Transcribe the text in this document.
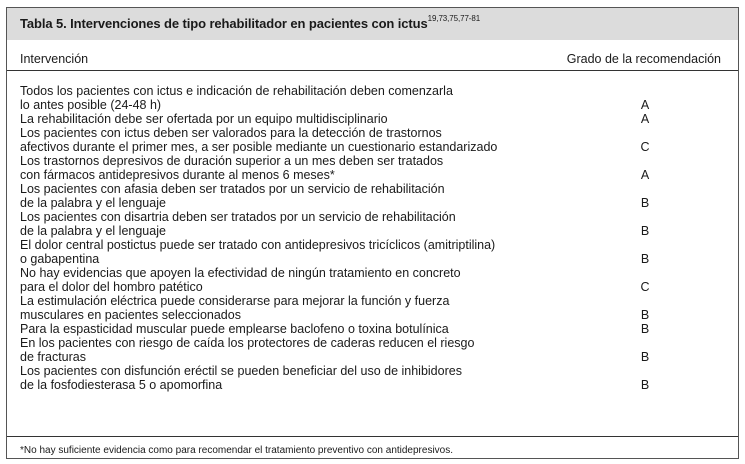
Tabla 5. Intervenciones de tipo rehabilitador en pacientes con ictus$^{19,73,75,77-81}$
Intervención	Grado de la recomendación
Todos los pacientes con ictus e indicación de rehabilitación deben comenzarla
lo antes posible (24-48 h)	A
La rehabilitación debe ser ofertada por un equipo multidisciplinario	A
Los pacientes con ictus deben ser valorados para la detección de trastornos
afectivos durante el primer mes, a ser posible mediante un cuestionario estandarizado	C
Los trastornos depresivos de duración superior a un mes deben ser tratados
con fármacos antidepresivos durante al menos 6 meses*	A
Los pacientes con afasia deben ser tratados por un servicio de rehabilitación
de la palabra y el lenguaje	B
Los pacientes con disartria deben ser tratados por un servicio de rehabilitación
de la palabra y el lenguaje	B
El dolor central postictus puede ser tratado con antidepresivos tricíclicos (amitriptilina)
o gabapentina	B
No hay evidencias que apoyen la efectividad de ningún tratamiento en concreto
para el dolor del hombro patético	C
La estimulación eléctrica puede considerarse para mejorar la función y fuerza
musculares en pacientes seleccionados	B
Para la espasticidad muscular puede emplearse baclofeno o toxina botulínica	B
En los pacientes con riesgo de caída los protectores de caderas reducen el riesgo
de fracturas	B
Los pacientes con disfunción eréctil se pueden beneficiar del uso de inhibidores
de la fosfodiesterasa 5 o apomorfina	B
*No hay suficiente evidencia como para recomendar el tratamiento preventivo con antidepresivos.
